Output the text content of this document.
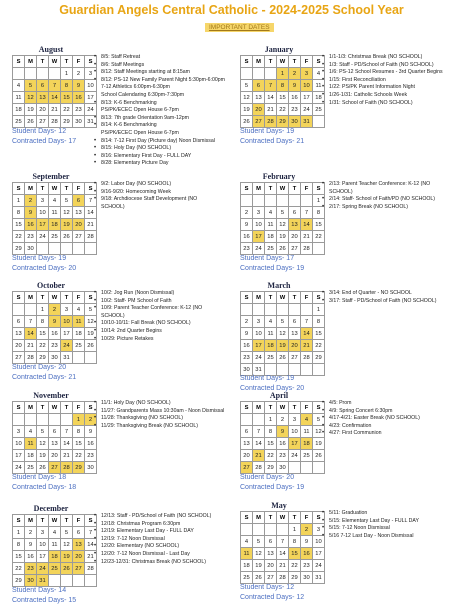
Guardian Angels Central Catholic - 2024-2025 School Year
IMPORTANT DATES
August
S	M	T	W	T	F	S
				1	2	3
4	5	6	7	8	9	10
11	12	13	14	15	16	17
18	19	20	21	22	23	24
25	26	27	28	29	30	31
Student Days- 12
Contracted Days- 17
• 8/5: Staff Retreat
• 8/6: Staff Meetings
• 8/12: Staff Meetings starting at 8:15am
• 8/12: PS-12 New Family Parent Night 5:30pm-6:00pm
7-12 Athletics 6:00pm-6:30pm
School Calendaring 6:30pm-7:30pm
• 8/13: K-6 Benchmarking
PS/PK/ECEC Open House 6-7pm
• 8/13: 7th grade Orientation 9am-12pm
• 8/14: K-6 Benchmarking
PS/PK/ECEC Open House 6-7pm
• 8/14: 7-12 First Day (Picture day) Noon Dismissal
• 8/15: Holy Day (NO SCHOOL)
• 8/16: Elementary First Day - FULL DAY
• 8/28: Elementary Picture Day
January
S	M	T	W	T	F	S
			1	2	3	4
5	6	7	8	9	10	11
12	13	14	15	16	17	18
19	20	21	22	23	24	25
26	27	28	29	30	31	
Student Days- 19
Contracted Days- 21
• 1/1-1/3: Christmas Break (NO SCHOOL)
• 1/3: Staff - PD/School of Faith (NO SCHOOL)
• 1/6: PS-12 School Resumes - 3rd Quarter Begins
• 1/15: First Reconciliation
• 1/22: PS/PK Parent Information Night
• 1/26-1/31: Catholic Schools Week
• 1/31: School of Faith (NO SCHOOL)
September
S	M	T	W	T	F	S
1	2	3	4	5	6	7
8	9	10	11	12	13	14
15	16	17	18	19	20	21
22	23	24	25	26	27	28
29	30					
Student Days- 19
Contracted Days- 20
• 9/2: Labor Day (NO SCHOOL)
• 9/16-9/20: Homecoming Week
• 9/18: Archdiocese Staff Development (NO
SCHOOL)
February
S	M	T	W	T	F	S
						1
2	3	4	5	6	7	8
9	10	11	12	13	14	15
16	17	18	19	20	21	22
23	24	25	26	27	28	
Student Days- 17
Contracted Days- 19
• 2/13: Parent Teacher Conference: K-12 (NO
SCHOOL)
• 2/14: Staff- School of Faith/PD (NO SCHOOL)
• 2/17: Spring Break (NO SCHOOL)
October
S	M	T	W	T	F	S
		1	2	3	4	5
6	7	8	9	10	11	12
13	14	15	16	17	18	19
20	21	22	23	24	25	26
27	28	29	30	31		
Student Days- 20
Contracted Days- 21
• 10/2: Jog Run (Noon Dismissal)
• 10/2: Staff- PM School of Faith
• 10/9: Parent Teacher Conference: K-12 (NO
SCHOOL)
• 10/10-10/11: Fall Break (NO SCHOOL)
• 10/14: 2nd Quarter Begins
• 10/29: Picture Retakes
March
S	M	T	W	T	F	S
						1
2	3	4	5	6	7	8
9	10	11	12	13	14	15
16	17	18	19	20	21	22
23	24	25	26	27	28	29
30	31					
Student Days- 19
Contracted Days- 20
• 3/14: End of Quarter - NO SCHOOL
• 3/17: Staff - PD/School of Faith (NO SCHOOL)
November
S	M	T	W	T	F	S
					1	2
3	4	5	6	7	8	9
10	11	12	13	14	15	16
17	18	19	20	21	22	23
24	25	26	27	28	29	30
Student Days- 18
Contracted Days- 18
• 11/1: Holy Day (NO SCHOOL)
• 11/27: Grandparents Mass 10:30am - Noon Dismissal
• 11/28: Thanksgiving (NO SCHOOL)
• 11/29: Thanksgiving Break (NO SCHOOL)
April
S	M	T	W	T	F	S
		1	2	3	4	5
6	7	8	9	10	11	12
13	14	15	16	17	18	19
20	21	22	23	24	25	26
27	28	29	30			
Student Days- 20
Contracted Days- 19
• 4/5: Prom
• 4/9: Spring Concert 6:30pm
• 4/17-4/21: Easter Break (NO SCHOOL)
• 4/23: Confirmation
• 4/27: First Communion
December
S	M	T	W	T	F	S
1	2	3	4	5	6	7
8	9	10	11	12	13	14
15	16	17	18	19	20	21
22	23	24	25	26	27	28
29	30	31				
Student Days- 14
Contracted Days- 15
• 12/13: Staff - PD/School of Faith (NO SCHOOL)
• 12/18: Christmas Program 6:30pm
• 12/19: Elementary Last Day - FULL DAY
• 12/19: 7-12 Noon Dismissal
• 12/20: Elementary (NO SCHOOL)
• 12/20: 7-12 Noon Dismissal - Last Day
• 12/23-12/31: Christmas Break (NO SCHOOL)
May
S	M	T	W	T	F	S
				1	2	3
4	5	6	7	8	9	10
11	12	13	14	15	16	17
18	19	20	21	22	23	24
25	26	27	28	29	30	31
Student Days- 12
Contracted Days- 12
• 5/11: Graduation
• 5/15: Elementary Last Day - FULL DAY
• 5/15: 7-12 Noon Dismissal
• 5/16 7-12 Last Day - Noon Dismissal
